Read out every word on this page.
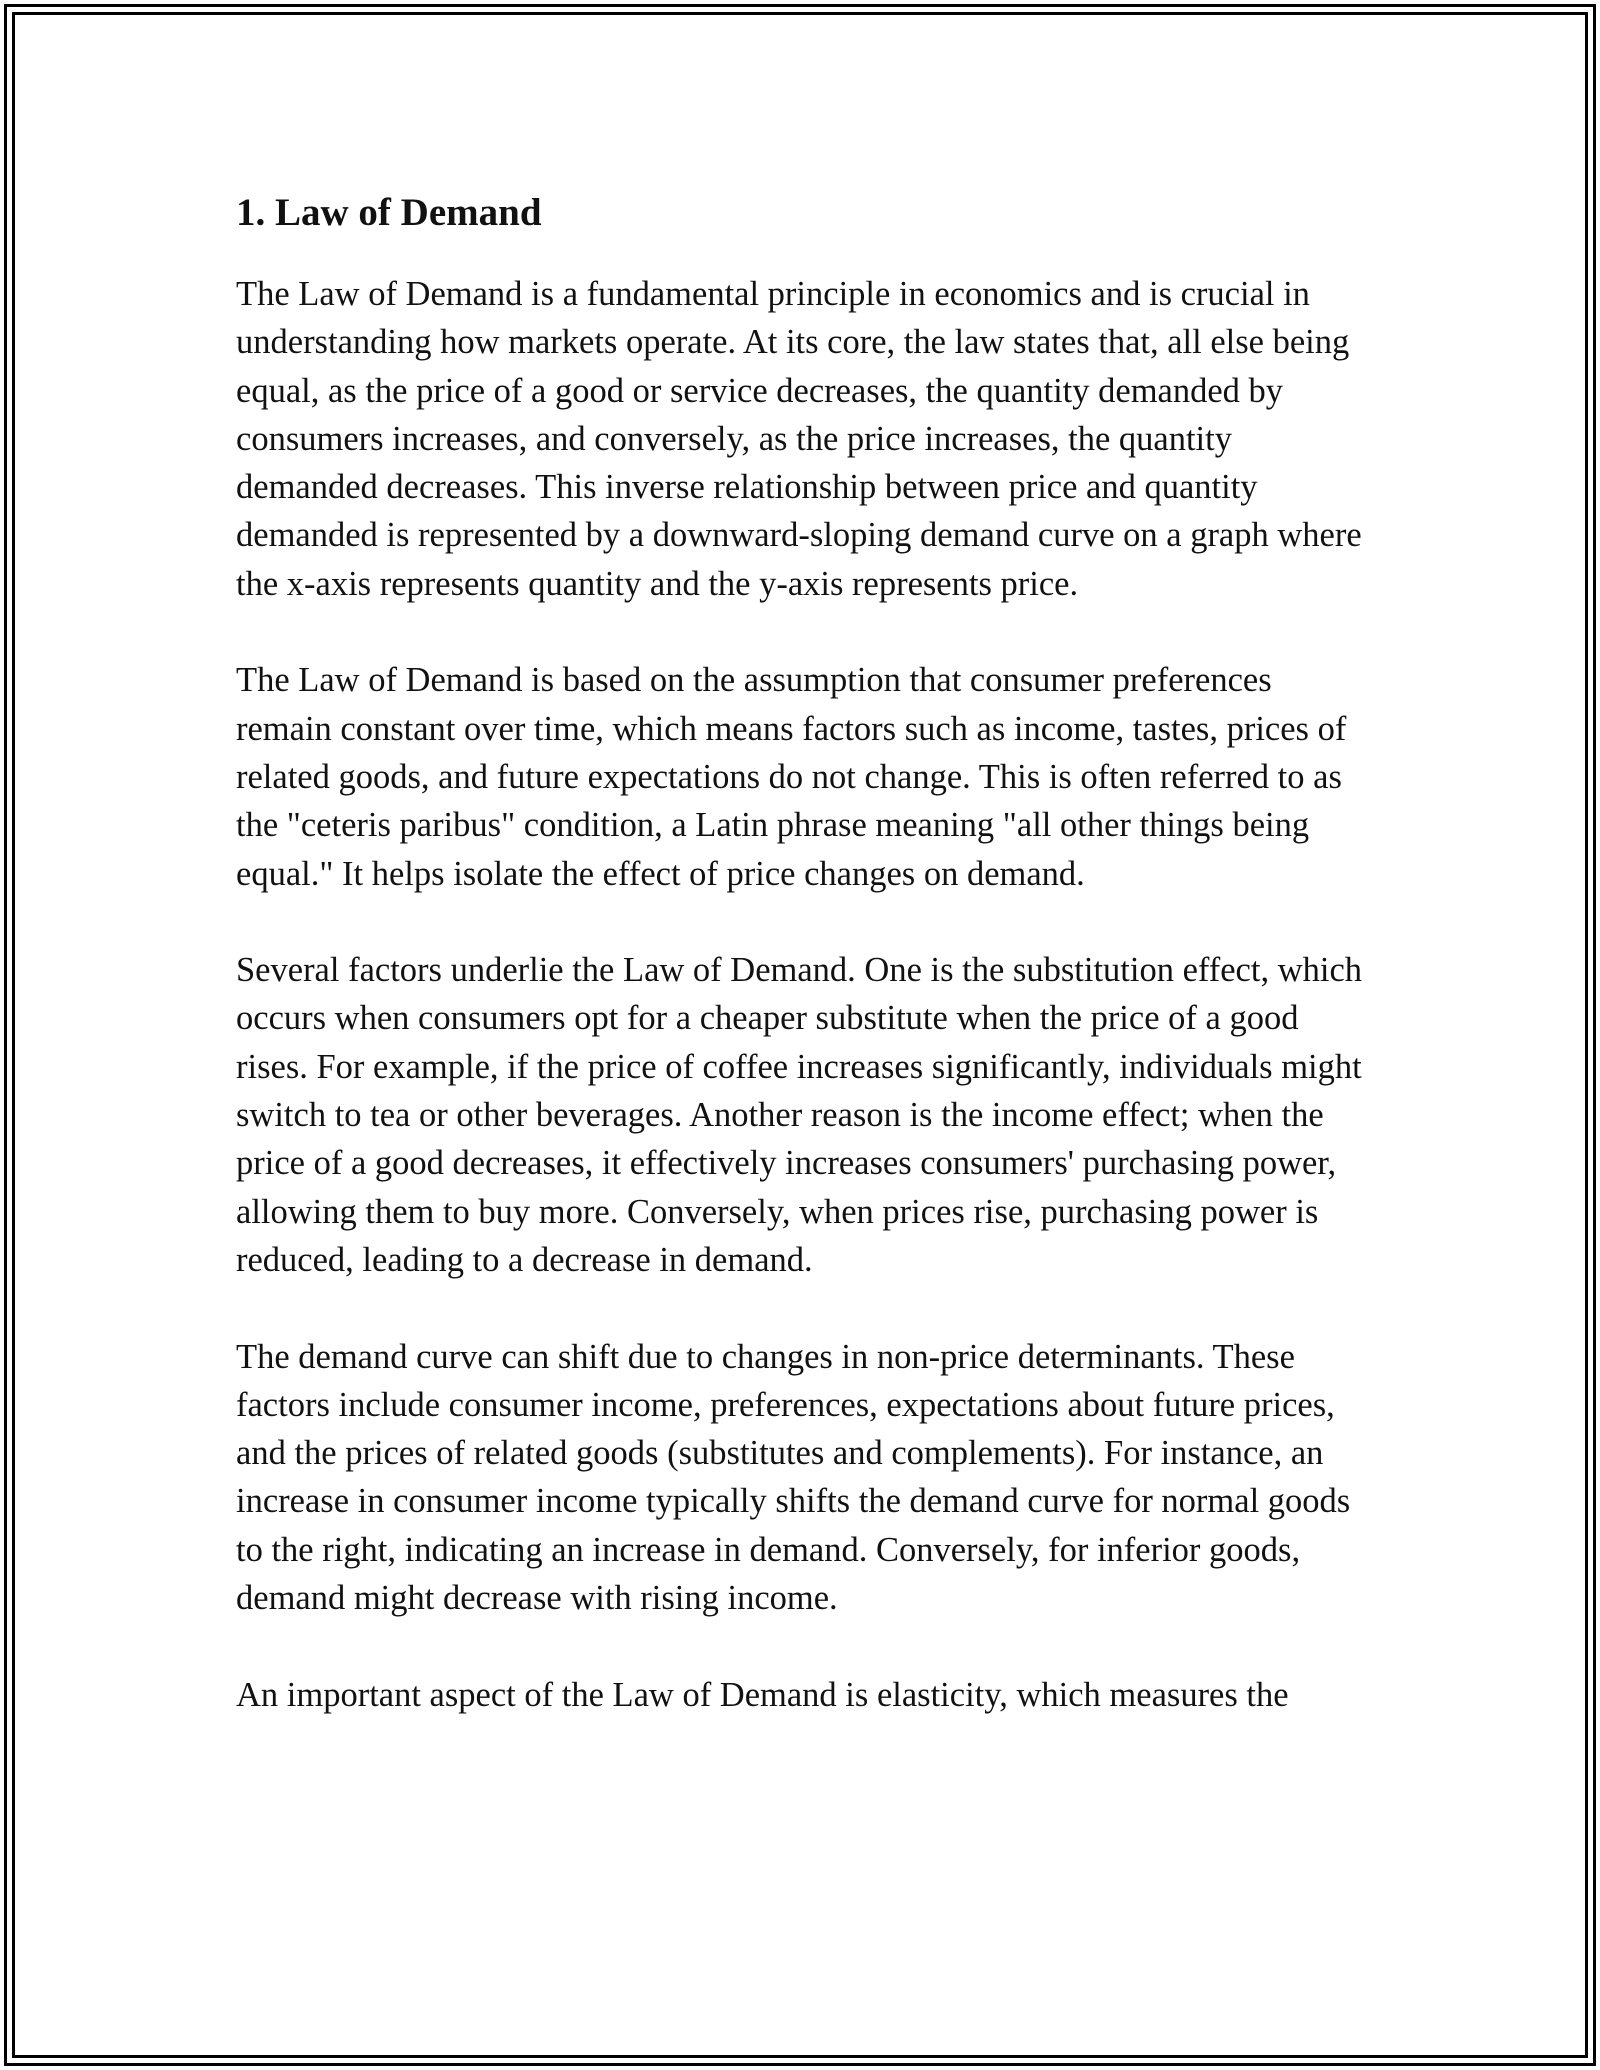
1. Law of Demand

The Law of Demand is a fundamental principle in economics and is crucial in understanding how markets operate. At its core, the law states that, all else being equal, as the price of a good or service decreases, the quantity demanded by consumers increases, and conversely, as the price increases, the quantity demanded decreases. This inverse relationship between price and quantity demanded is represented by a downward-sloping demand curve on a graph where the x-axis represents quantity and the y-axis represents price.

The Law of Demand is based on the assumption that consumer preferences remain constant over time, which means factors such as income, tastes, prices of related goods, and future expectations do not change. This is often referred to as the "ceteris paribus" condition, a Latin phrase meaning "all other things being equal." It helps isolate the effect of price changes on demand.

Several factors underlie the Law of Demand. One is the substitution effect, which occurs when consumers opt for a cheaper substitute when the price of a good rises. For example, if the price of coffee increases significantly, individuals might switch to tea or other beverages. Another reason is the income effect; when the price of a good decreases, it effectively increases consumers' purchasing power, allowing them to buy more. Conversely, when prices rise, purchasing power is reduced, leading to a decrease in demand.

The demand curve can shift due to changes in non-price determinants. These factors include consumer income, preferences, expectations about future prices, and the prices of related goods (substitutes and complements). For instance, an increase in consumer income typically shifts the demand curve for normal goods to the right, indicating an increase in demand. Conversely, for inferior goods, demand might decrease with rising income.

An important aspect of the Law of Demand is elasticity, which measures the
